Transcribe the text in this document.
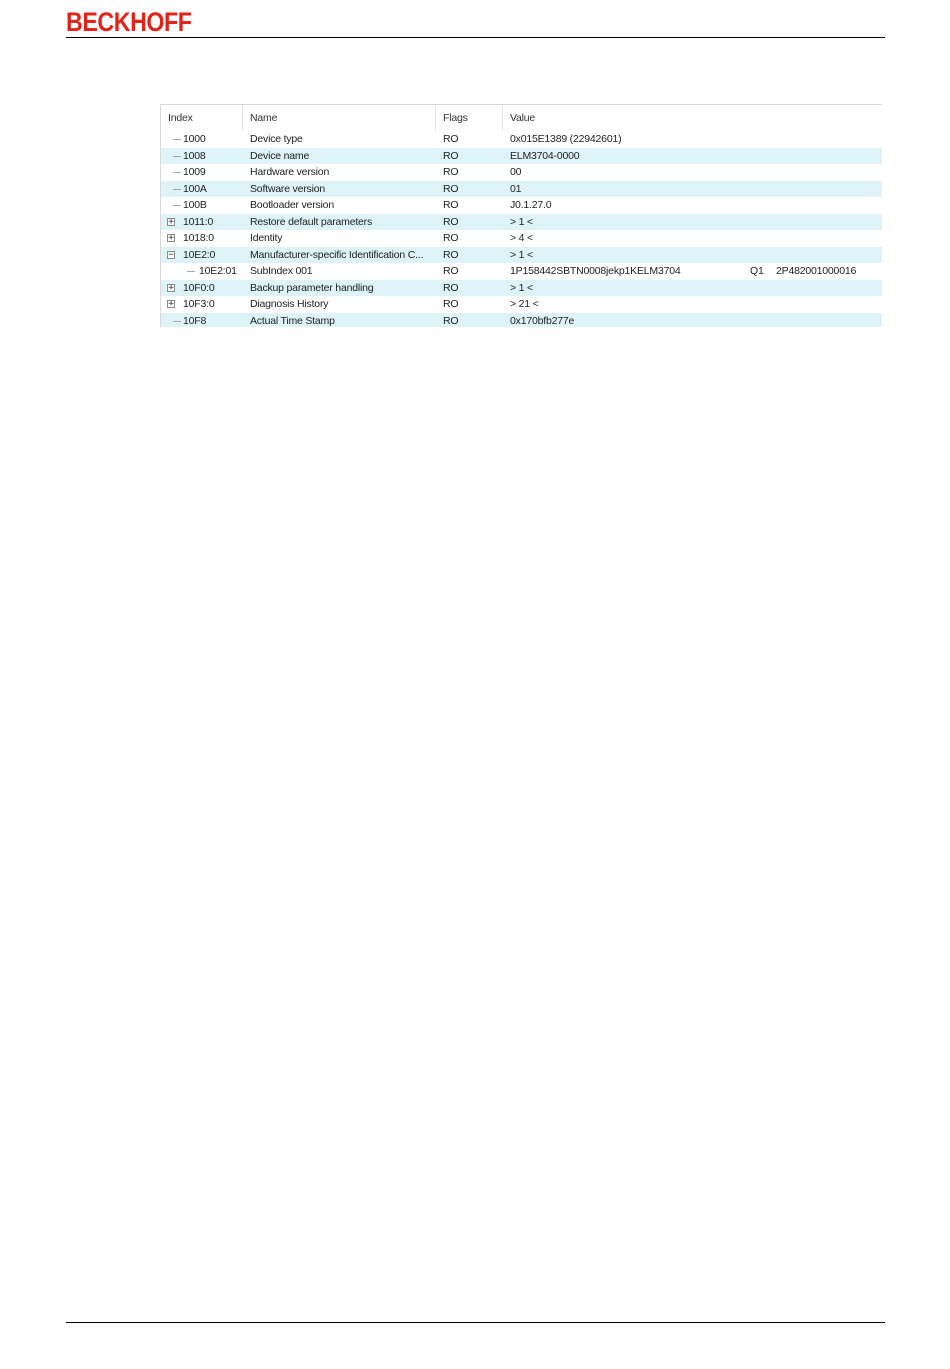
BECKHOFF
Index	Name	Flags	Value
1000	Device type	RO	0x015E1389 (22942601)
1008	Device name	RO	ELM3704-0000
1009	Hardware version	RO	00
100A	Software version	RO	01
100B	Bootloader version	RO	J0.1.27.0
+ 1011:0	Restore default parameters	RO	> 1 <
+ 1018:0	Identity	RO	> 4 <
− 10E2:0	Manufacturer-specific Identification C...	RO	> 1 <
10E2:01	SubIndex 001	RO	1P158442SBTN0008jekp1KELM3704	Q1	2P482001000016
+ 10F0:0	Backup parameter handling	RO	> 1 <
+ 10F3:0	Diagnosis History	RO	> 21 <
10F8	Actual Time Stamp	RO	0x170bfb277e
